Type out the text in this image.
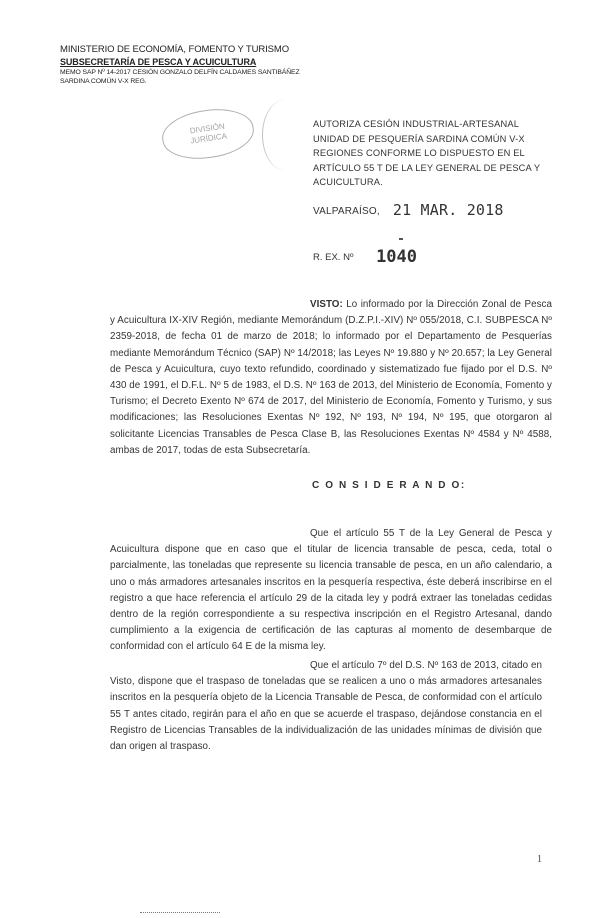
MINISTERIO DE ECONOMÍA, FOMENTO Y TURISMO
SUBSECRETARÍA DE PESCA Y ACUICULTURA
MEMO SAP Nº 14-2017 CESIÓN GONZALO DELFÍN CALDAMES SANTIBÁÑEZ
SARDINA COMÚN V-X REG.
DIVISIÓN
JURÍDICA
AUTORIZA CESIÓN INDUSTRIAL-ARTESANAL UNIDAD DE PESQUERÍA SARDINA COMÚN V-X REGIONES CONFORME LO DISPUESTO EN EL ARTÍCULO 55 T DE LA LEY GENERAL DE PESCA Y ACUICULTURA.
VALPARAÍSO, 21 MAR. 2018
R. EX. Nº 1040
VISTO: Lo informado por la Dirección Zonal de Pesca y Acuicultura IX-XIV Región, mediante Memorándum (D.Z.P.I.-XIV) Nº 055/2018, C.I. SUBPESCA Nº 2359-2018, de fecha 01 de marzo de 2018; lo informado por el Departamento de Pesquerías mediante Memorándum Técnico (SAP) Nº 14/2018; las Leyes Nº 19.880 y Nº 20.657; la Ley General de Pesca y Acuicultura, cuyo texto refundido, coordinado y sistematizado fue fijado por el D.S. Nº 430 de 1991, el D.F.L. Nº 5 de 1983, el D.S. Nº 163 de 2013, del Ministerio de Economía, Fomento y Turismo; el Decreto Exento Nº 674 de 2017, del Ministerio de Economía, Fomento y Turismo, y sus modificaciones; las Resoluciones Exentas Nº 192, Nº 193, Nº 194, Nº 195, que otorgaron al solicitante Licencias Transables de Pesca Clase B, las Resoluciones Exentas Nº 4584 y Nº 4588, ambas de 2017, todas de esta Subsecretaría.
C O N S I D E R A N D O:
Que el artículo 55 T de la Ley General de Pesca y Acuicultura dispone que en caso que el titular de licencia transable de pesca, ceda, total o parcialmente, las toneladas que represente su licencia transable de pesca, en un año calendario, a uno o más armadores artesanales inscritos en la pesquería respectiva, éste deberá inscribirse en el registro a que hace referencia el artículo 29 de la citada ley y podrá extraer las toneladas cedidas dentro de la región correspondiente a su respectiva inscripción en el Registro Artesanal, dando cumplimiento a la exigencia de certificación de las capturas al momento de desembarque de conformidad con el artículo 64 E de la misma ley.
Que el artículo 7º del D.S. Nº 163 de 2013, citado en Visto, dispone que el traspaso de toneladas que se realicen a uno o más armadores artesanales inscritos en la pesquería objeto de la Licencia Transable de Pesca, de conformidad con el artículo 55 T antes citado, regirán para el año en que se acuerde el traspaso, dejándose constancia en el Registro de Licencias Transables de la individualización de las unidades mínimas de división que dan origen al traspaso.
1
